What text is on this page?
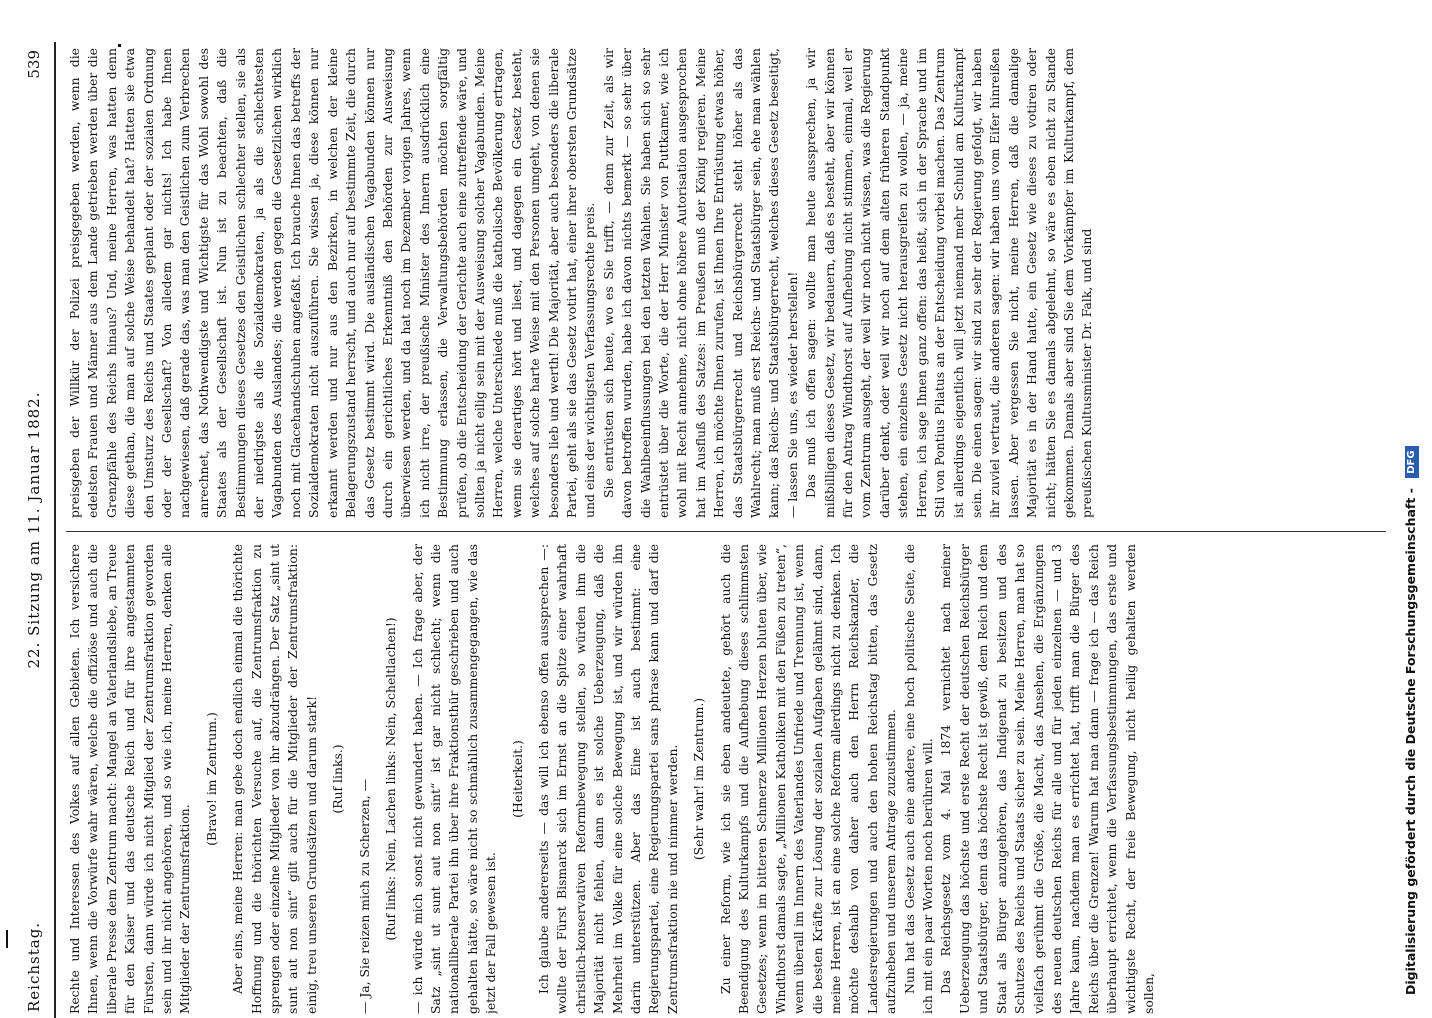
Reichstag.
22. Sitzung am 11. Januar 1882.
539

Rechte und Interessen des Volkes auf allen Gebieten. Ich versichere Ihnen, wenn die Vorwürfe wahr wären, welche die offiziöse und auch die liberale Presse dem Zentrum macht: Mangel an Vaterlandsliebe, an Treue für den Kaiser und das deutsche Reich und für ihre angestammten Fürsten, dann würde ich nicht Mitglied der Zentrumsfraktion geworden sein und ihr nicht angehören, und so wie ich, meine Herren, denken alle Mitglieder der Zentrumsfraktion.

(Bravo! im Zentrum.) Aber eins, meine Herren: man gebe doch endlich einmal die thörichte Hoffnung und die thörichten Versuche auf, die Zentrumsfraktion zu sprengen oder einzelne Mitglieder von ihr abzudrängen. Der Satz „sint ut sunt aut non sint“ gilt auch für die Mitglieder der Zentrumsfraktion: einig, treu unseren Grundsätzen und darum stark! (Ruf links.) — Ja, Sie reizen mich zu Scherzen, — (Ruf links: Nein, Lachen links: Nein, Scheltlachen!) — ich würde mich sonst nicht gewundert haben. — Ich frage aber, der Satz „sint ut sunt aut non sint“ ist gar nicht schlecht; wenn die nationalliberale Partei ihn über ihre Fraktionsthür geschrieben und auch gehalten hätte, so wäre nicht so schmählich zusammengegangen, wie das jetzt der Fall gewesen ist.

(Heiterkeit.) Ich glaube andererseits — das will ich ebenso offen aussprechen —: wollte der Fürst Bismarck sich im Ernst an die Spitze einer wahrhaft christlich-konservativen Reformbewegung stellen, so würden ihm die Majorität nicht fehlen, dann es ist solche Ueberzeugung, daß die Mehrheit im Volke für eine solche Bewegung ist, und wir würden ihn darin unterstützen. Aber das Eine ist auch bestimmt: eine Regierungspartei, eine Regierungspartei sans phrase kann und darf die Zentrumsfraktion nie und nimmer werden. (Sehr wahr! im Zentrum.) Zu einer Reform, wie ich sie eben andeutete, gehört auch die Beendigung des Kulturkampfs und die Aufhebung dieses schlimmsten Gesetzes; wenn im bitteren Schmerze Millionen Herzen bluten über, wie Windthorst damals sagte, „Millionen Katholiken mit den Füßen zu treten“, wenn überall im Innern des Vaterlandes Unfriede und Trennung ist, wenn die besten Kräfte zur Lösung der sozialen Aufgaben gelähmt sind, dann, meine Herren, ist an eine solche Reform allerdings nicht zu denken. Ich möchte deshalb von daher auch den Herrn Reichskanzler, die Landesregierungen und auch den hohen Reichstag bitten, das Gesetz aufzuheben und unserem Antrage zuzustimmen. Nun hat das Gesetz auch eine andere, eine hoch politische Seite, die ich mit ein paar Worten noch berühren will. Das Reichsgesetz vom 4. Mai 1874 vernichtet nach meiner Ueberzeugung das höchste und erste Recht der deutschen Reichsbürger und Staatsbürger, denn das höchste Recht ist gewiß, dem Reich und dem Staat als Bürger anzugehören, das Indigenat zu besitzen und des Schutzes des Reichs und Staats sicher zu sein. Meine Herren, man hat so vielfach gerühmt die Größe, die Macht, das Ansehen, die Ergänzungen des neuen deutschen Reichs für alle und für jeden einzelnen — und 3 Jahre kaum, nachdem man es errichtet hat, trifft man die Bürger des Reichs über die Grenzen! Warum hat man dann — frage ich — das Reich überhaupt errichtet, wenn die Verfassungsbestimmungen, das erste und wichtigste Recht, der freie Bewegung, nicht heilig gehalten werden sollen,

preisgeben der Willkür der Polizei preisgegeben werden, wenn die edelsten Frauen und Männer aus dem Lande getrieben werden über die Grenzpfähle des Reichs hinaus? Und, meine Herren, was hatten denn diese gethan, die man auf solche Weise behandelt hat? Hatten sie etwa den Umsturz des Reichs und Staates geplant oder der sozialen Ordnung oder der Gesellschaft? Von alledem gar nichts! Ich habe Ihnen nachgewiesen, daß gerade das, was man den Geistlichen zum Verbrechen anrechnet, das Nothwendigste und Wichtigste für das Wohl sowohl des Staates als der Gesellschaft ist. Nun ist zu beachten, daß die Bestimmungen dieses Gesetzes den Geistlichen schlechter stellen, sie als der niedrigste als die Sozialdemokraten, ja als die schlechtesten Vagabunden des Auslandes; die werden gegen die Gesetzlichen wirklich noch mit Glacehandschuhen angefaßt. Ich brauche Ihnen das betreffs der Sozialdemokraten nicht auszuführen. Sie wissen ja, diese können nur erkannt werden und nur aus den Bezirken, in welchen der kleine Belagerungszustand herrscht, und auch nur auf bestimmte Zeit, die durch das Gesetz bestimmt wird. Die ausländischen Vagabunden können nur durch ein gerichtliches Erkenntniß den Behörden zur Ausweisung überwiesen werden, und da hat noch im Dezember vorigen Jahres, wenn ich nicht irre, der preußische Minister des Innern ausdrücklich eine Bestimmung erlassen, die Verwaltungsbehörden möchten sorgfältig prüfen, ob die Entscheidung der Gerichte auch eine zutreffende wäre, und sollten ja nicht eilig sein mit der Ausweisung solcher Vagabunden. Meine Herren, welche Unterschiede muß die katholische Bevölkerung ertragen, wenn sie derartiges hört und liest, und dagegen ein Gesetz besteht, welches auf solche harte Weise mit den Personen umgeht, von denen sie besonders lieb und werth! Die Majorität, aber auch besonders die liberale Partei, geht als sie das Gesetz votirt hat, einer ihrer obersten Grundsätze und eins der wichtigsten Verfassungsrechte preis. Sie entrüsten sich heute, wo es Sie trifft, — denn zur Zeit, als wir davon betroffen wurden, habe ich davon nichts bemerkt — so sehr über die Wahlbeeinflussungen bei den letzten Wahlen. Sie haben sich so sehr entrüstet über die Worte, die der Herr Minister von Puttkamer, wie ich wohl mit Recht annehme, nicht ohne höhere Autorisation ausgesprochen hat im Ausfluß des Satzes: im Preußen muß der König regieren. Meine Herren, ich möchte Ihnen zurufen, ist Ihnen Ihre Entrüstung etwas höher, das Staatsbürgerrecht und Reichsbürgerrecht steht höher als das Wahlrecht; man muß erst Reichs- und Staatsbürger sein, ehe man wählen kann; das Reichs- und Staatsbürgerrecht, welches dieses Gesetz beseitigt, — lassen Sie uns, es wieder herstellen! Das muß ich offen sagen: wollte man heute aussprechen, ja wir mißbilligen dieses Gesetz, wir bedauern, daß es besteht, aber wir können für den Antrag Windthorst auf Aufhebung nicht stimmen, einmal, weil er vom Zentrum ausgeht, der weil wir noch nicht wissen, was die Regierung darüber denkt, oder weil wir noch auf dem alten früheren Standpunkt stehen, ein einzelnes Gesetz nicht herausgreifen zu wollen, — ja, meine Herren, ich sage Ihnen ganz offen: das heißt, sich in der Sprache und im Stil von Pontius Pilatus an der Entscheidung vorbei machen. Das Zentrum ist allerdings eigentlich will jetzt niemand mehr Schuld am Kulturkampf sein. Die einen sagen: wir sind zu sehr der Regierung gefolgt, wir haben ihr zuviel vertraut, die anderen sagen: wir haben uns vom Eifer hinreißen lassen. Aber vergessen Sie nicht, meine Herren, daß die damalige Majorität es in der Hand hatte, ein Gesetz wie dieses zu votiren oder nicht; hätten Sie es damals abgelehnt, so wäre es eben nicht zu Stande gekommen. Damals aber sind Sie dem Vorkämpfer im Kulturkampf, dem preußischen Kultusminister Dr. Falk, und sind

Digitalisierung gefördert durch die Deutsche Forschungsgemeinschaft - DFG
